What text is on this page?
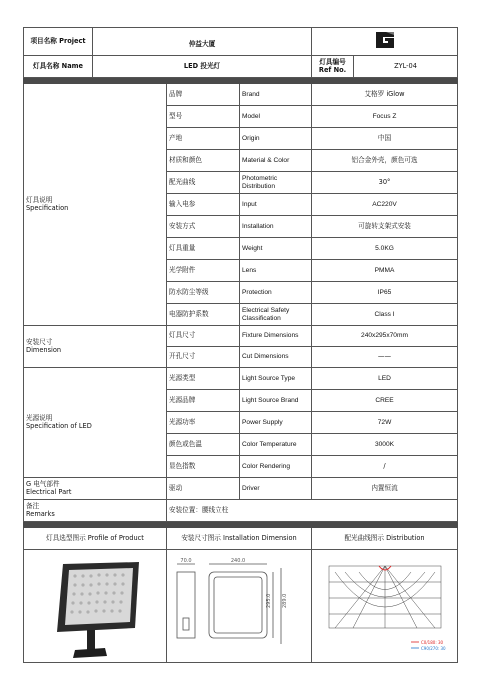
项目名称 Project	仲益大厦	
灯具名称 Name	LED 投光灯			灯具编号 Ref No.	ZYL-04

灯具说明
Specification		品牌	Brand	艾格罗 iGlow	
		型号	Model	Focus Z	
		产地	Origin	中国	
		材质和颜色	Material & Color	铝合金外壳，颜色可选	
		配光曲线	Photometric Distribution	30°	
		输入电参	Input	AC220V	
		安装方式	Installation	可旋转支架式安装	
		灯具重量	Weight	5.0KG	
		光学附件	Lens	PMMA	
		防水防尘等级	Protection	IP65	
		电器防护系数	Electrical Safety Classification	Class I	
安装尺寸
Dimension		灯具尺寸	Fixture Dimensions	240x295x70mm	
		开孔尺寸	Cut Dimensions	——	
光源说明
Specification of LED		光源类型	Light Source Type	LED	
		光源品牌	Light Source Brand	CREE	
		光源功率	Power Supply	72W	
		颜色或色温	Color Temperature	3000K	
		显色指数	Color Rendering	/	
G 电气部件
Electrical Part		驱动	Driver	内置恒流	
备注
Remarks		安装位置：腰线立柱			

灯具选型图示 Profile of Product		安装尺寸图示 Installation Dimension		配光曲线图示 Distribution	

240.0
70.0
295.0 289.0		C0/180: 30
C90/270: 30	
